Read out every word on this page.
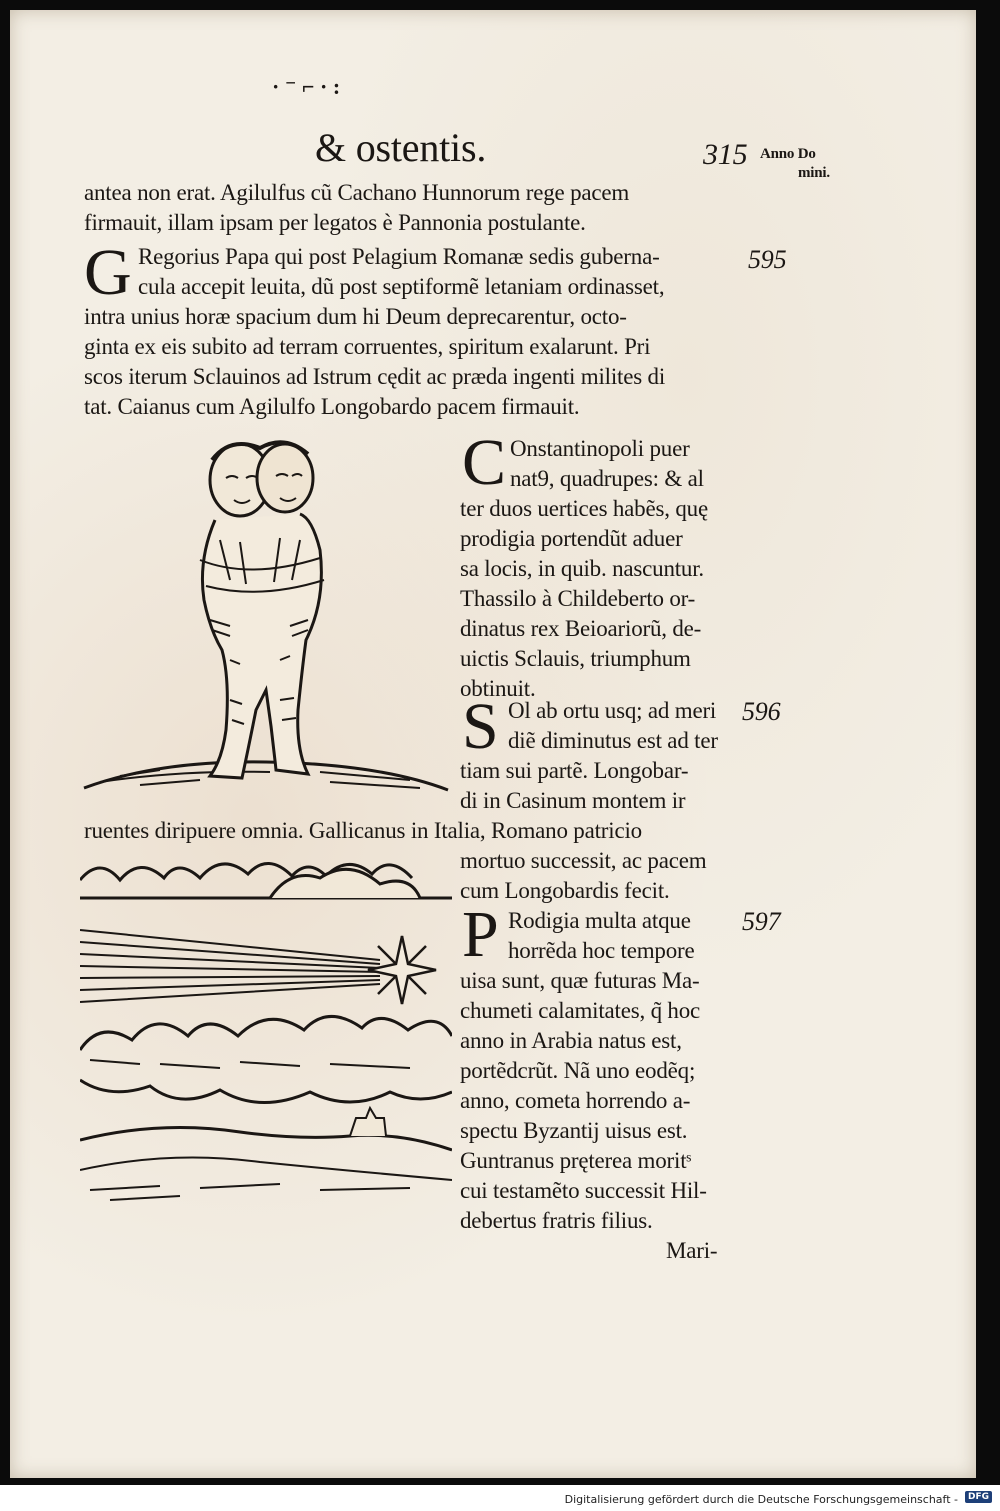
· ⁻ ⌐ · :
& ostentis.	315 Anno Do
mini.
antea non erat. Agilulfus cũ Cachano Hunnorum rege pacem
firmauit, illam ipsam per legatos è Pannonia postulante.
G Regorius Papa qui post Pelagium Romanæ sedis guberna-	595
cula accepit leuita, dũ post septiformẽ letaniam ordinasset,
intra unius horæ spacium dum hi Deum deprecarentur, octo-
ginta ex eis subito ad terram corruentes, spiritum exalarunt. Pri
scos iterum Sclauinos ad Istrum cędit ac præda ingenti milites di
tat. Caianus cum Agilulfo Longobardo pacem firmauit.
C Onstantinopoli puer
nat9, quadrupes: & al
ter duos uertices habẽs, quę
prodigia portendũt aduer
sa locis, in quib. nascuntur.
Thassilo à Childeberto or-
dinatus rex Beioariorũ, de-
uictis Sclauis, triumphum
obtinuit.
S Ol ab ortu usq; ad meri 596
diẽ diminutus est ad ter
tiam sui partẽ. Longobar-
di in Casinum montem ir
ruentes diripuere omnia. Gallicanus in Italia, Romano patricio
mortuo successit, ac pacem
cum Longobardis fecit.
P Rodigia multa atque 597
horrẽda hoc tempore
uisa sunt, quæ futuras Ma-
chumeti calamitates, q̃ hoc
anno in Arabia natus est,
portẽdcrũt. Nã uno eodẽq;
anno, cometa horrendo a-
spectu Byzantij uisus est.
Guntranus pręterea moritˢ
cui testamẽto successit Hil-
debertus fratris filius.
Mari-
Digitalisierung gefördert durch die Deutsche Forschungsgemeinschaft -	DFG
